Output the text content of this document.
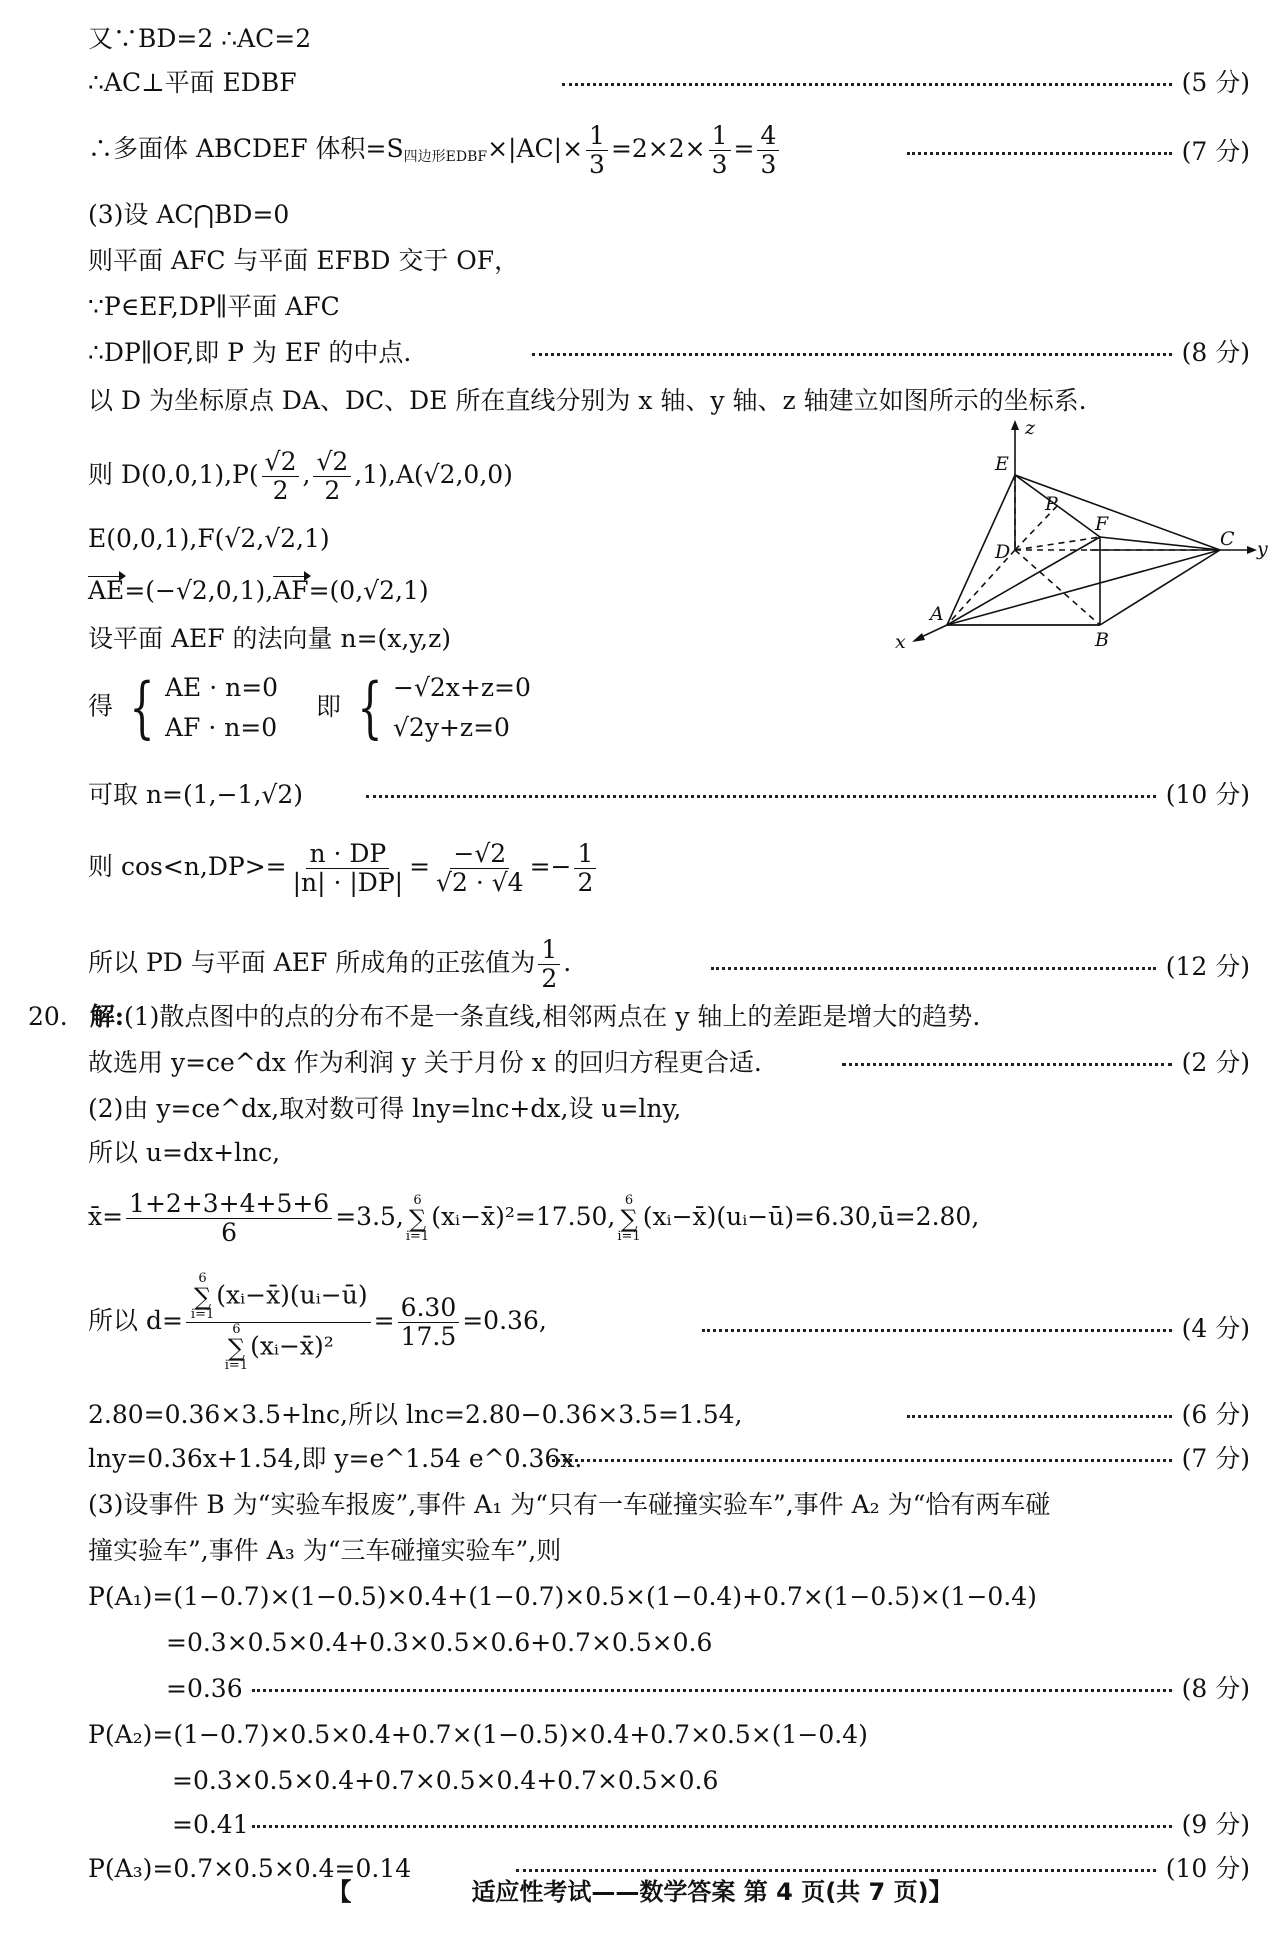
又∵BD=2 ∴AC=2
∴AC⊥平面 EDBF	(5 分)
∴多面体 ABCDEF 体积$=S_{四边形EDBF}\times|AC|\times \frac{1}{3} =2\times 2\times \frac{1}{3} = \frac{4}{3}$	(7 分)
(3)设 AC⋂BD=0
则平面 AFC 与平面 EFBD 交于 OF，
∵P∈EF,DP∥平面 AFC
∴DP∥OF,即 P 为 EF 的中点.	(8 分)
以 D 为坐标原点 DA、DC、DE 所在直线分别为 x 轴、y 轴、z 轴建立如图所示的坐标系.
则 $D(0,0,1),P( \frac{√2}{2}$ , $\frac{√2}{2} ,1),A(√2,0,0)$
E(0,0,1),F(√2,√2,1)
AE=(−√2,0,1),AF=(0,√2,1)
设平面 AEF 的法向量 n=(x,y,z)
得 { AE · n=0
AF · n=0
即 { −√2x+z=0
√2y+z=0
可取 n=(1,−1,√2)	(10 分)
则 $\cos<n,DP>= \frac{n \cdot DP}{|n| \cdot |DP|} = \frac{-√2}{√2 \cdot √4} =- \frac{1}{2}$
所以 PD 与平面 AEF 所成角的正弦值为 $\frac{1}{2}$ .	(12 分)
20. 解:(1)散点图中的点的分布不是一条直线,相邻两点在 y 轴上的差距是增大的趋势.
故选用 y=ce^dx 作为利润 y 关于月份 x 的回归方程更合适.	(2 分)
(2)由 y=ce^dx,取对数可得 lny=lnc+dx,设 u=lny,
所以 u=dx+lnc,
x̄= $\frac{1+2+3+4+5+6}{6} =3.5$,
6
∑
i=1
(xᵢ−x̄)²=17.50,
6
∑
i=1
(xᵢ−x̄)(uᵢ−ū)=6.30,ū=2.80,
所以 d= 6
∑
i=1
(xᵢ−x̄)(uᵢ−ū)
6
∑
i=1
(xᵢ−x̄)² = $\frac{6.30}{17.5} =0.36$,	(4 分)
2.80=0.36×3.5+lnc,所以 lnc=2.80−0.36×3.5=1.54,	(6 分)
lny=0.36x+1.54,即 y=e^1.54 e^0.36x.	(7 分)
(3)设事件 B 为“实验车报废”,事件 A₁ 为“只有一车碰撞实验车”,事件 A₂ 为“恰有两车碰
撞实验车”,事件 A₃ 为“三车碰撞实验车”,则
P(A₁)=(1−0.7)×(1−0.5)×0.4+(1−0.7)×0.5×(1−0.4)+0.7×(1−0.5)×(1−0.4)
=0.3×0.5×0.4+0.3×0.5×0.6+0.7×0.5×0.6
=0.36	(8 分)
P(A₂)=(1−0.7)×0.5×0.4+0.7×(1−0.5)×0.4+0.7×0.5×(1−0.4)
=0.3×0.5×0.4+0.7×0.5×0.4+0.7×0.5×0.6
=0.41	(9 分)
P(A₃)=0.7×0.5×0.4=0.14	(10 分)
z
E
P
F
C y
D
A
x	B
【	适应性考试——数学答案 第 4 页(共 7 页)】
